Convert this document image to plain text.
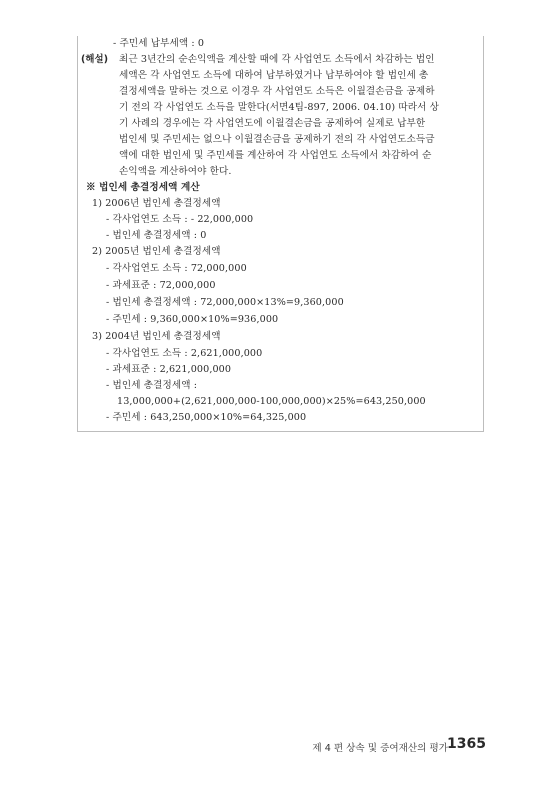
- 주민세 납부세액 : 0
(해설) 최근 3년간의 순손익액을 계산할 때에 각 사업연도 소득에서 차감하는 법인
세액은 각 사업연도 소득에 대하여 납부하였거나 납부하여야 할 법인세 총
결정세액을 말하는 것으로 이경우 각 사업연도 소득은 이월결손금을 공제하
기 전의 각 사업연도 소득을 말한다(서면4팀-897, 2006. 04.10) 따라서 상
기 사례의 경우에는 각 사업연도에 이월결손금을 공제하여 실제로 납부한
법인세 및 주민세는 없으나 이월결손금을 공제하기 전의 각 사업연도소득금
액에 대한 법인세 및 주민세를 계산하여 각 사업연도 소득에서 차감하여 순
손익액을 계산하여야 한다.
※ 법인세 총결정세액 계산
1) 2006년 법인세 총결정세액
- 각사업연도 소득 : - 22,000,000
- 법인세 총결정세액 : 0
2) 2005년 법인세 총결정세액
- 각사업연도 소득 : 72,000,000
- 과세표준 : 72,000,000
- 법인세 총결정세액 : 72,000,000×13%=9,360,000
- 주민세 : 9,360,000×10%=936,000
3) 2004년 법인세 총결정세액
- 각사업연도 소득 : 2,621,000,000
- 과세표준 : 2,621,000,000
- 법인세 총결정세액 :
13,000,000+(2,621,000,000-100,000,000)×25%=643,250,000
- 주민세 : 643,250,000×10%=64,325,000
제 4 편 상속 및 증여재산의 평가 1365
